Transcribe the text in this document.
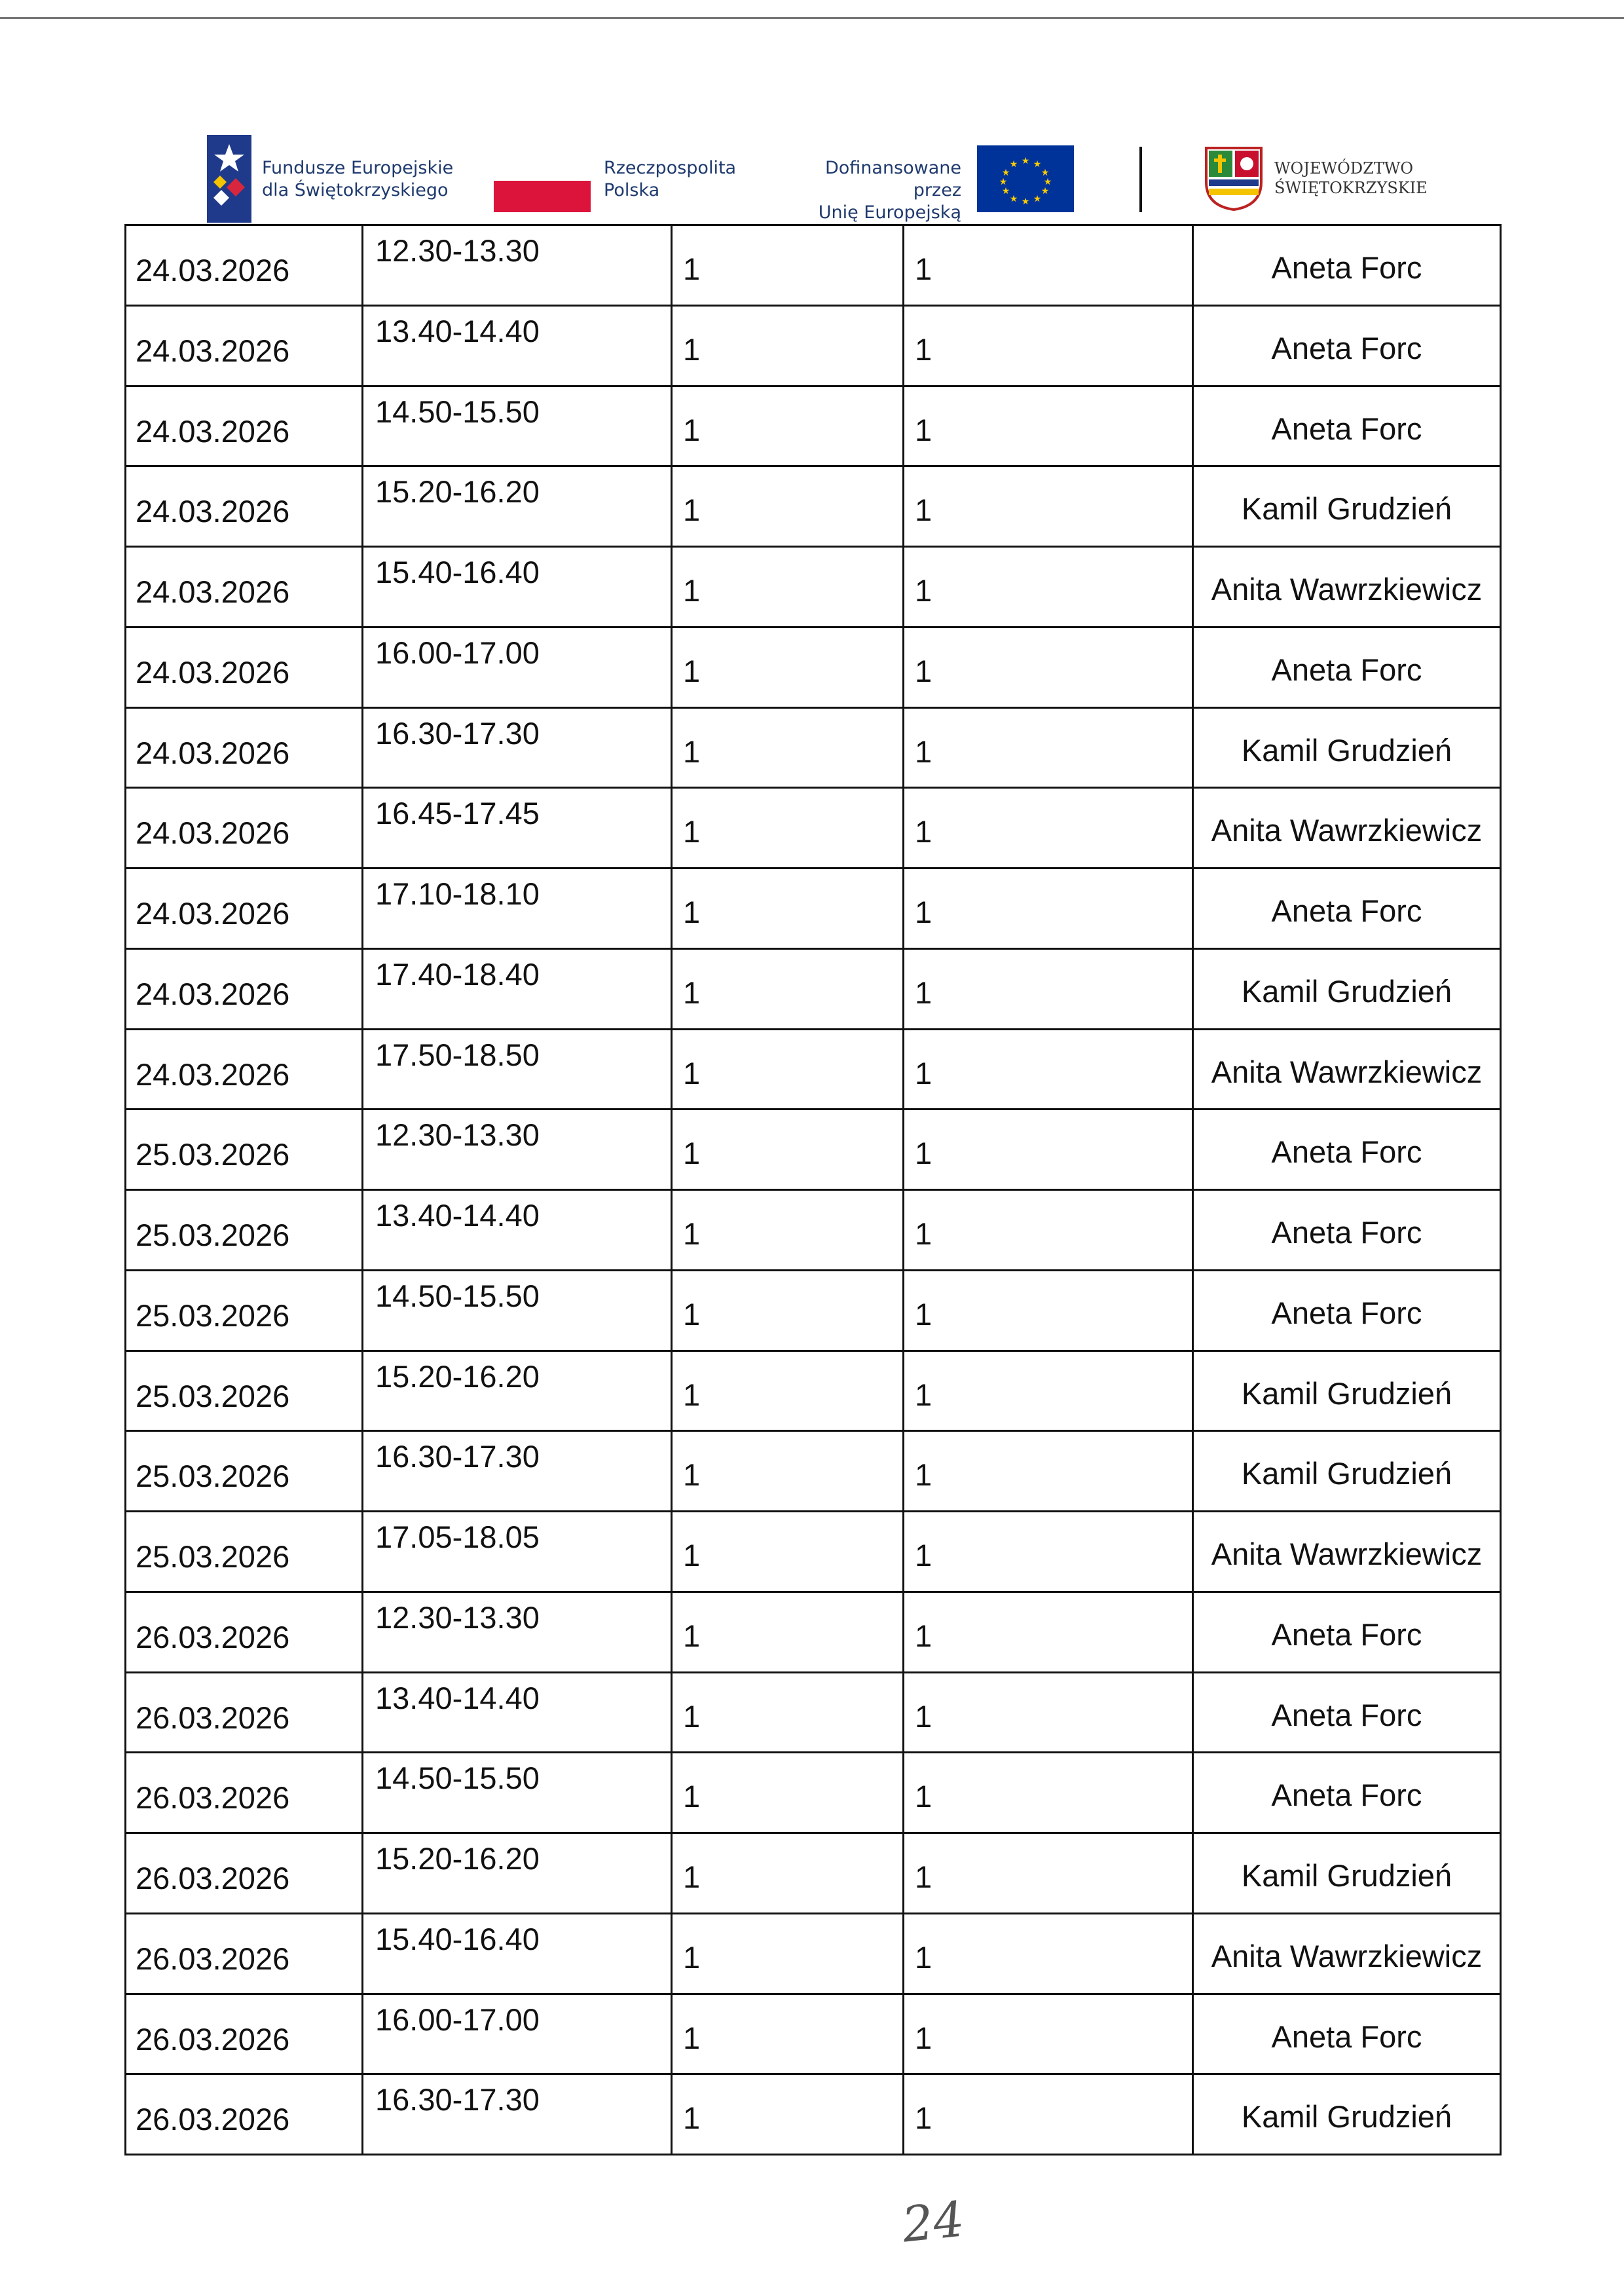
Fundusze Europejskie
dla Świętokrzyskiego
Rzeczpospolita
Polska
Dofinansowane przez
Unię Europejską
★ ★
★
★
★
★
★
★
★
★
★
★	WOJEWÓDZTWO
ŚWIĘTOKRZYSKIE
24.03.2026	12.30-13.30	1	1	Aneta Forc

24.03.2026	13.40-14.40	1	1	Aneta Forc

24.03.2026	14.50-15.50	1	1	Aneta Forc

24.03.2026	15.20-16.20	1	1	Kamil Grudzień

24.03.2026	15.40-16.40	1	1	Anita Wawrzkiewicz

24.03.2026	16.00-17.00	1	1	Aneta Forc

24.03.2026	16.30-17.30	1	1	Kamil Grudzień

24.03.2026	16.45-17.45	1	1	Anita Wawrzkiewicz

24.03.2026	17.10-18.10	1	1	Aneta Forc

24.03.2026	17.40-18.40	1	1	Kamil Grudzień

24.03.2026	17.50-18.50	1	1	Anita Wawrzkiewicz

25.03.2026	12.30-13.30	1	1	Aneta Forc

25.03.2026	13.40-14.40	1	1	Aneta Forc

25.03.2026	14.50-15.50	1	1	Aneta Forc

25.03.2026	15.20-16.20	1	1	Kamil Grudzień

25.03.2026	16.30-17.30	1	1	Kamil Grudzień

25.03.2026	17.05-18.05	1	1	Anita Wawrzkiewicz

26.03.2026	12.30-13.30	1	1	Aneta Forc

26.03.2026	13.40-14.40	1	1	Aneta Forc

26.03.2026	14.50-15.50	1	1	Aneta Forc

26.03.2026	15.20-16.20	1	1	Kamil Grudzień

26.03.2026	15.40-16.40	1	1	Anita Wawrzkiewicz

26.03.2026	16.00-17.00	1	1	Aneta Forc

26.03.2026	16.30-17.30	1	1	Kamil Grudzień
24
